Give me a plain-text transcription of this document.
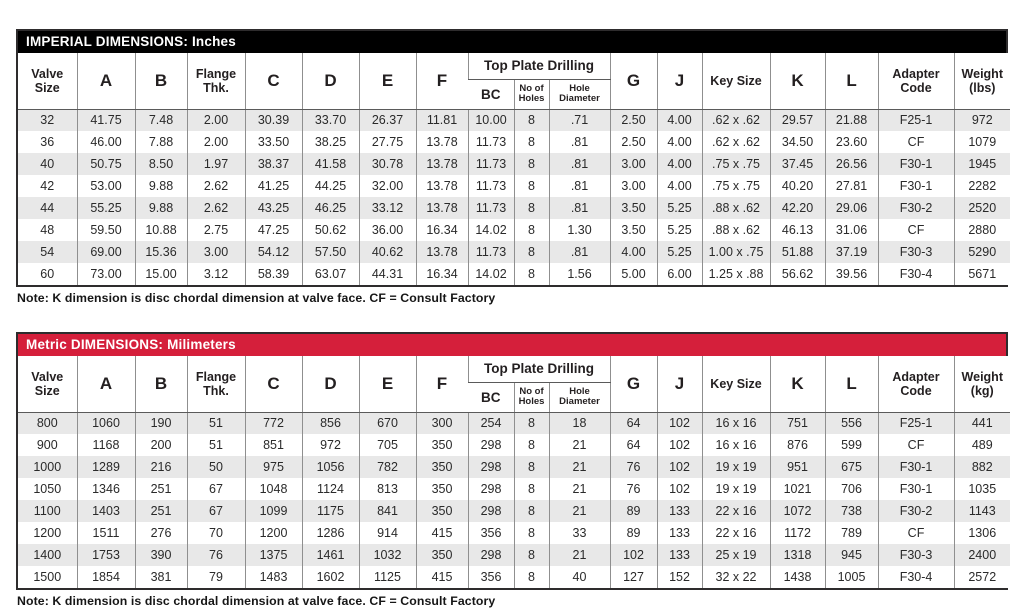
IMPERIAL DIMENSIONS: Inches
Valve Size	A	B	Flange Thk.	C	D	E	F	Top Plate Drilling			G	J	Key Size	K	L	Adapter Code	Weight (lbs)
								BC	No of Holes	Hole Diameter							
32	41.75	7.48	2.00	30.39	33.70	26.37	11.81	10.00	8	.71	2.50	4.00	.62 x .62	29.57	21.88	F25-1	972
36	46.00	7.88	2.00	33.50	38.25	27.75	13.78	11.73	8	.81	2.50	4.00	.62 x .62	34.50	23.60	CF	1079
40	50.75	8.50	1.97	38.37	41.58	30.78	13.78	11.73	8	.81	3.00	4.00	.75 x .75	37.45	26.56	F30-1	1945
42	53.00	9.88	2.62	41.25	44.25	32.00	13.78	11.73	8	.81	3.00	4.00	.75 x .75	40.20	27.81	F30-1	2282
44	55.25	9.88	2.62	43.25	46.25	33.12	13.78	11.73	8	.81	3.50	5.25	.88 x .62	42.20	29.06	F30-2	2520
48	59.50	10.88	2.75	47.25	50.62	36.00	16.34	14.02	8	1.30	3.50	5.25	.88 x .62	46.13	31.06	CF	2880
54	69.00	15.36	3.00	54.12	57.50	40.62	13.78	11.73	8	.81	4.00	5.25	1.00 x .75	51.88	37.19	F30-3	5290
60	73.00	15.00	3.12	58.39	63.07	44.31	16.34	14.02	8	1.56	5.00	6.00	1.25 x .88	56.62	39.56	F30-4	5671
Note: K dimension is disc chordal dimension at valve face. CF = Consult Factory
Metric DIMENSIONS: Milimeters
Valve Size	A	B	Flange Thk.	C	D	E	F	Top Plate Drilling			G	J	Key Size	K	L	Adapter Code	Weight (kg)
								BC	No of Holes	Hole Diameter							
800	1060	190	51	772	856	670	300	254	8	18	64	102	16 x 16	751	556	F25-1	441
900	1168	200	51	851	972	705	350	298	8	21	64	102	16 x 16	876	599	CF	489
1000	1289	216	50	975	1056	782	350	298	8	21	76	102	19 x 19	951	675	F30-1	882
1050	1346	251	67	1048	1124	813	350	298	8	21	76	102	19 x 19	1021	706	F30-1	1035
1100	1403	251	67	1099	1175	841	350	298	8	21	89	133	22 x 16	1072	738	F30-2	1143
1200	1511	276	70	1200	1286	914	415	356	8	33	89	133	22 x 16	1172	789	CF	1306
1400	1753	390	76	1375	1461	1032	350	298	8	21	102	133	25 x 19	1318	945	F30-3	2400
1500	1854	381	79	1483	1602	1125	415	356	8	40	127	152	32 x 22	1438	1005	F30-4	2572
Note: K dimension is disc chordal dimension at valve face. CF = Consult Factory
